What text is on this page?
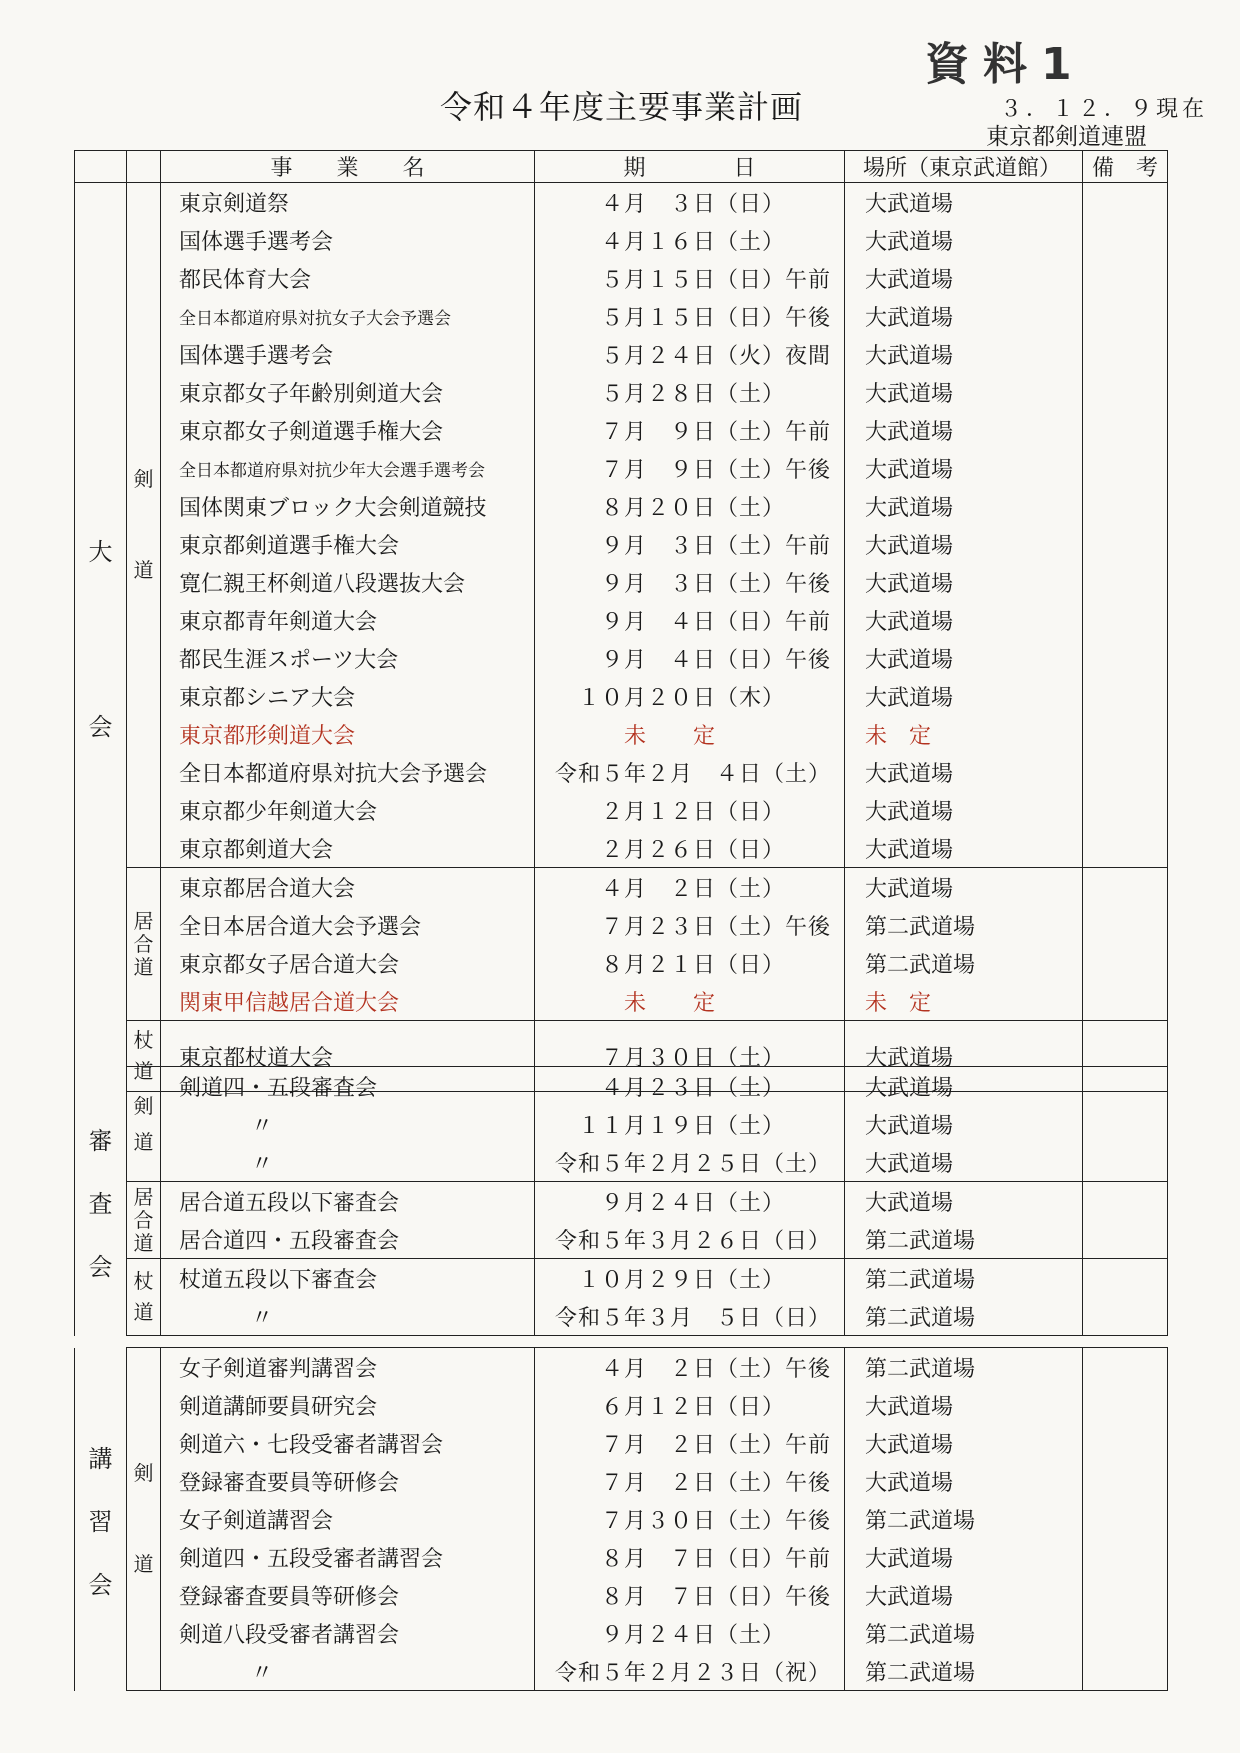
資料1
令和４年度主要事業計画	３．１２．９現在
東京都剣道連盟
		事　　業　　名	期　　　　日	場所（東京武道館）	備　考

大
会	剣
道	東京剣道祭	　　４月　３日（日）	大武道場	
		国体選手選考会	　　４月１６日（土）	大武道場	
		都民体育大会	　　５月１５日（日）午前	大武道場	
		全日本都道府県対抗女子大会予選会	　　５月１５日（日）午後	大武道場	
		国体選手選考会	　　５月２４日（火）夜間	大武道場	
		東京都女子年齢別剣道大会	　　５月２８日（土）	大武道場	
		東京都女子剣道選手権大会	　　７月　９日（土）午前	大武道場	
		全日本都道府県対抗少年大会選手選考会	　　７月　９日（土）午後	大武道場	
		国体関東ブロック大会剣道競技	　　８月２０日（土）	大武道場	
		東京都剣道選手権大会	　　９月　３日（土）午前	大武道場	
		寛仁親王杯剣道八段選抜大会	　　９月　３日（土）午後	大武道場	
		東京都青年剣道大会	　　９月　４日（日）午前	大武道場	
		都民生涯スポーツ大会	　　９月　４日（日）午後	大武道場	
		東京都シニア大会	　１０月２０日（木）	大武道場	
		東京都形剣道大会	　　　未　　定	未　定	
		全日本都道府県対抗大会予選会	令和５年２月　４日（土）	大武道場	
		東京都少年剣道大会	　　２月１２日（日）	大武道場	
		東京都剣道大会	　　２月２６日（日）	大武道場	

	居
合
道	東京都居合道大会	　　４月　２日（土）	大武道場	
		全日本居合道大会予選会	　　７月２３日（土）午後	第二武道場	
		東京都女子居合道大会	　　８月２１日（日）	第二武道場	
		関東甲信越居合道大会	　　　未　　定	未　定	

	杖
道	東京都杖道大会	　　７月３０日（土）	大武道場	
審
査
会	剣
道	剣道四・五段審査会	　　４月２３日（土）	大武道場	
		〃	　１１月１９日（土）	大武道場	
		〃	令和５年２月２５日（土）	大武道場	

	居
合
道	居合道五段以下審査会	　　９月２４日（土）	大武道場	
		居合道四・五段審査会	令和５年３月２６日（日）	第二武道場	

	杖
道	杖道五段以下審査会	　１０月２９日（土）	第二武道場	
		〃	令和５年３月　５日（日）	第二武道場	
講
習
会	剣
道	女子剣道審判講習会	　　４月　２日（土）午後	第二武道場	
		剣道講師要員研究会	　　６月１２日（日）	大武道場	
		剣道六・七段受審者講習会	　　７月　２日（土）午前	大武道場	
		登録審査要員等研修会	　　７月　２日（土）午後	大武道場	
		女子剣道講習会	　　７月３０日（土）午後	第二武道場	
		剣道四・五段受審者講習会	　　８月　７日（日）午前	大武道場	
		登録審査要員等研修会	　　８月　７日（日）午後	大武道場	
		剣道八段受審者講習会	　　９月２４日（土）	第二武道場	
		〃	令和５年２月２３日（祝）	第二武道場	
